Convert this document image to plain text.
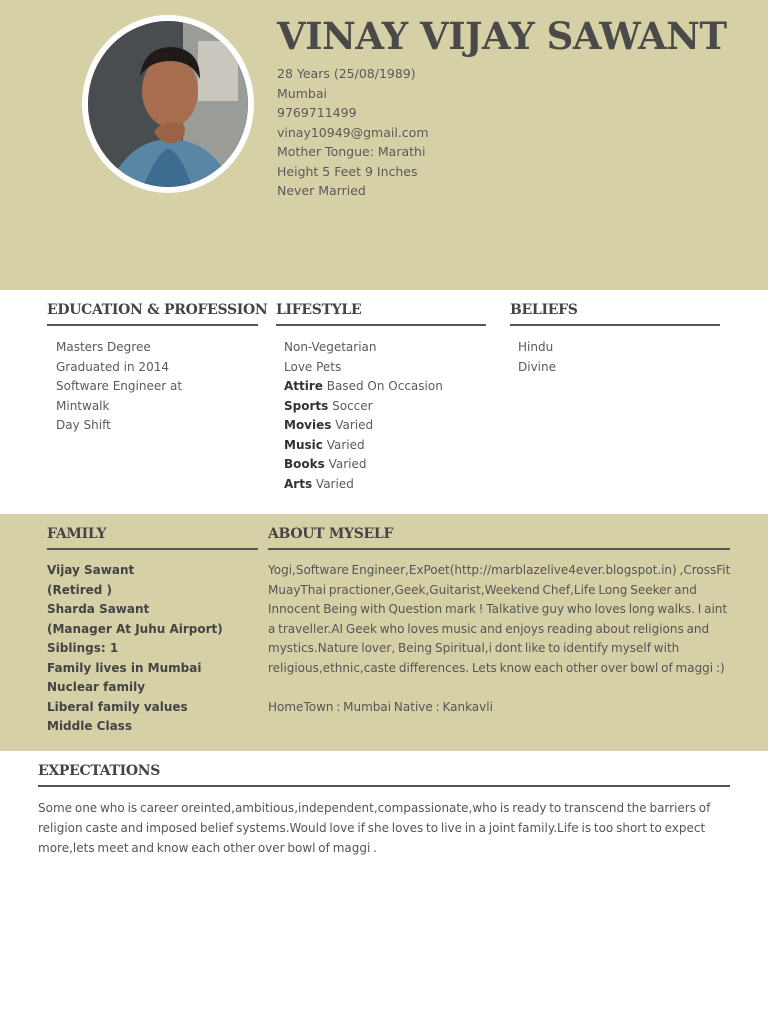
VINAY VIJAY SAWANT
28 Years (25/08/1989)
Mumbai
9769711499
vinay10949@gmail.com
Mother Tongue: Marathi
Height 5 Feet 9 Inches
Never Married
EDUCATION & PROFESSION
Masters Degree
Graduated in 2014
Software Engineer at
Mintwalk
Day Shift
LIFESTYLE
Non-Vegetarian
Love Pets
Attire Based On Occasion
Sports Soccer
Movies Varied
Music Varied
Books Varied
Arts Varied
BELIEFS
Hindu
Divine
FAMILY
Vijay Sawant
(Retired )
Sharda Sawant
(Manager At Juhu Airport)
Siblings: 1
Family lives in Mumbai
Nuclear family
Liberal family values
Middle Class
ABOUT MYSELF

Yogi,Software Engineer,ExPoet(http://marblazelive4ever.blogspot.in) ,CrossFit MuayThai practioner,Geek,Guitarist,Weekend Chef,Life Long Seeker and Innocent Being with Question mark ! Talkative guy who loves long walks. I aint a traveller.AI Geek who loves music and enjoys reading about religions and mystics.Nature lover, Being Spiritual,i dont like to identify myself with religious,ethnic,caste differences. Lets know each other over bowl of maggi :)

HomeTown : Mumbai Native : Kankavli

EXPECTATIONS

Some one who is career oreinted,ambitious,independent,compassionate,who is ready to transcend the barriers of religion caste and imposed belief systems.Would love if she loves to live in a joint family.Life is too short to expect more,lets meet and know each other over bowl of maggi .
